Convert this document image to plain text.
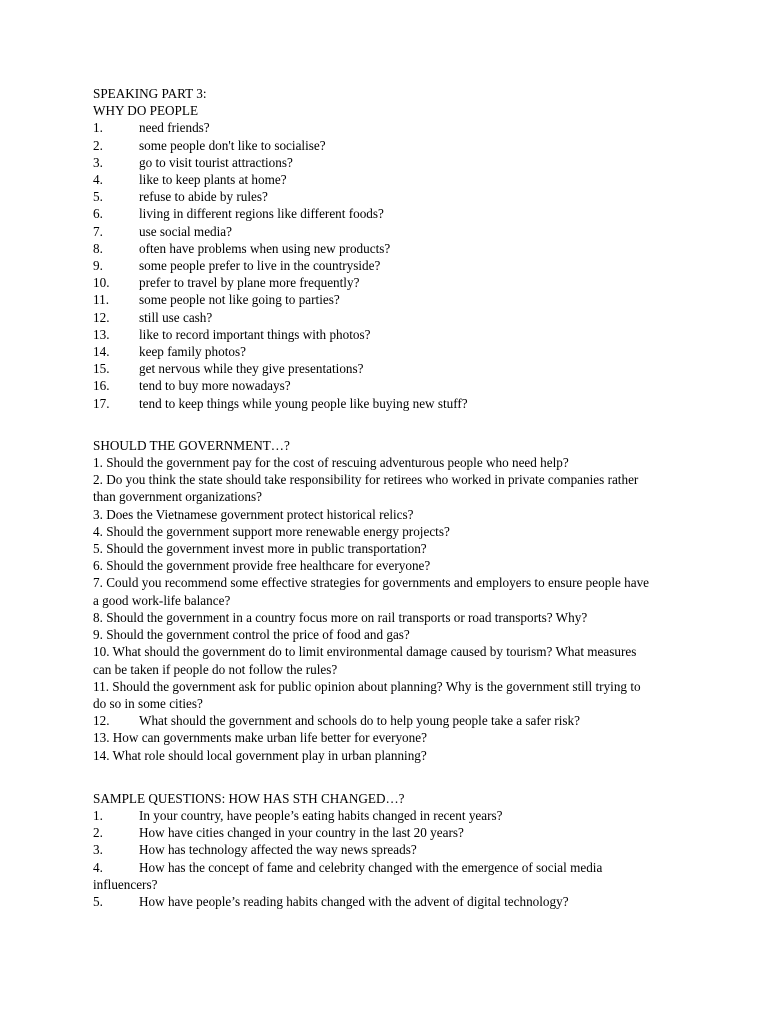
SPEAKING PART 3:
WHY DO PEOPLE
1.	need friends?
2.	some people don't like to socialise?
3.	go to visit tourist attractions?
4.	like to keep plants at home?
5.	refuse to abide by rules?
6.	living in different regions like different foods?
7.	use social media?
8.	often have problems when using new products?
9.	some people prefer to live in the countryside?
10.	prefer to travel by plane more frequently?
11.	some people not like going to parties?
12.	still use cash?
13.	like to record important things with photos?
14.	keep family photos?
15.	get nervous while they give presentations?
16.	tend to buy more nowadays?
17.	tend to keep things while young people like buying new stuff?
SHOULD THE GOVERNMENT…?
1. Should the government pay for the cost of rescuing adventurous people who need help?
2. Do you think the state should take responsibility for retirees who worked in private companies rather than government organizations?
3. Does the Vietnamese government protect historical relics?
4. Should the government support more renewable energy projects?
5. Should the government invest more in public transportation?
6. Should the government provide free healthcare for everyone?
7. Could you recommend some effective strategies for governments and employers to ensure people have a good work-life balance?
8. Should the government in a country focus more on rail transports or road transports? Why?
9. Should the government control the price of food and gas?
10. What should the government do to limit environmental damage caused by tourism? What measures can be taken if people do not follow the rules?
11. Should the government ask for public opinion about planning? Why is the government still trying to do so in some cities?
12.	What should the government and schools do to help young people take a safer risk?
13. How can governments make urban life better for everyone?
14. What role should local government play in urban planning?
SAMPLE QUESTIONS: HOW HAS STH CHANGED…?
1.	In your country, have people’s eating habits changed in recent years?
2.	How have cities changed in your country in the last 20 years?
3.	How has technology affected the way news spreads?
4.	How has the concept of fame and celebrity changed with the emergence of social media influencers?
5.	How have people’s reading habits changed with the advent of digital technology?
